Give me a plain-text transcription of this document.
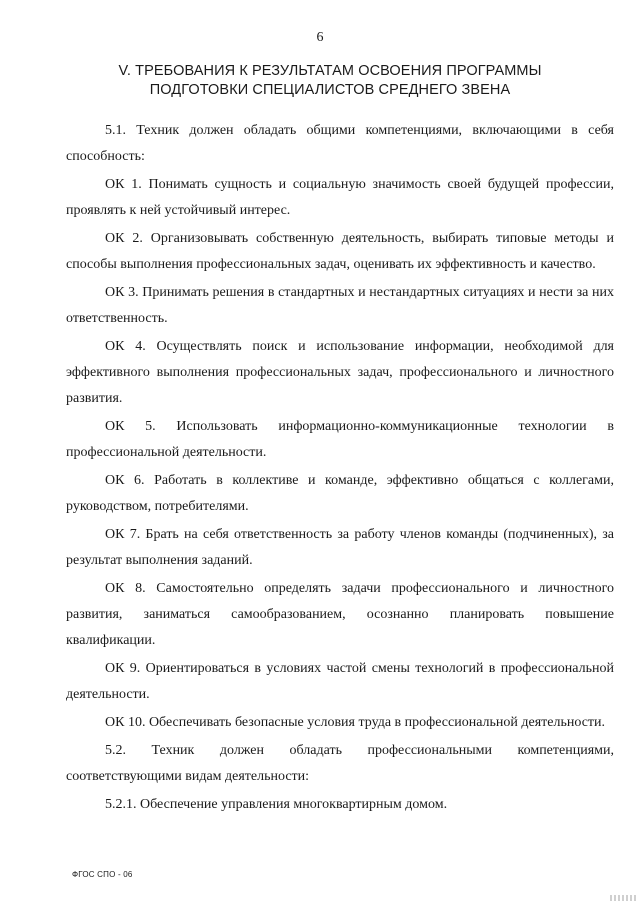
6
V. ТРЕБОВАНИЯ К РЕЗУЛЬТАТАМ ОСВОЕНИЯ ПРОГРАММЫ
ПОДГОТОВКИ СПЕЦИАЛИСТОВ СРЕДНЕГО ЗВЕНА

5.1. Техник должен обладать общими компетенциями, включающими в себя способность:

ОК 1. Понимать сущность и социальную значимость своей будущей профессии, проявлять к ней устойчивый интерес.

ОК 2. Организовывать собственную деятельность, выбирать типовые методы и способы выполнения профессиональных задач, оценивать их эффективность и качество.

ОК 3. Принимать решения в стандартных и нестандартных ситуациях и нести за них ответственность.

ОК 4. Осуществлять поиск и использование информации, необходимой для эффективного выполнения профессиональных задач, профессионального и личностного развития.

ОК 5. Использовать информационно-коммуникационные технологии в профессиональной деятельности.

ОК 6. Работать в коллективе и команде, эффективно общаться с коллегами, руководством, потребителями.

ОК 7. Брать на себя ответственность за работу членов команды (подчиненных), за результат выполнения заданий.

ОК 8. Самостоятельно определять задачи профессионального и личностного развития, заниматься самообразованием, осознанно планировать повышение квалификации.

ОК 9. Ориентироваться в условиях частой смены технологий в профессиональной деятельности.

ОК 10. Обеспечивать безопасные условия труда в профессиональной деятельности.

5.2. Техник должен обладать профессиональными компетенциями, соответствующими видам деятельности:

5.2.1. Обеспечение управления многоквартирным домом.

ФГОС СПО - 06
